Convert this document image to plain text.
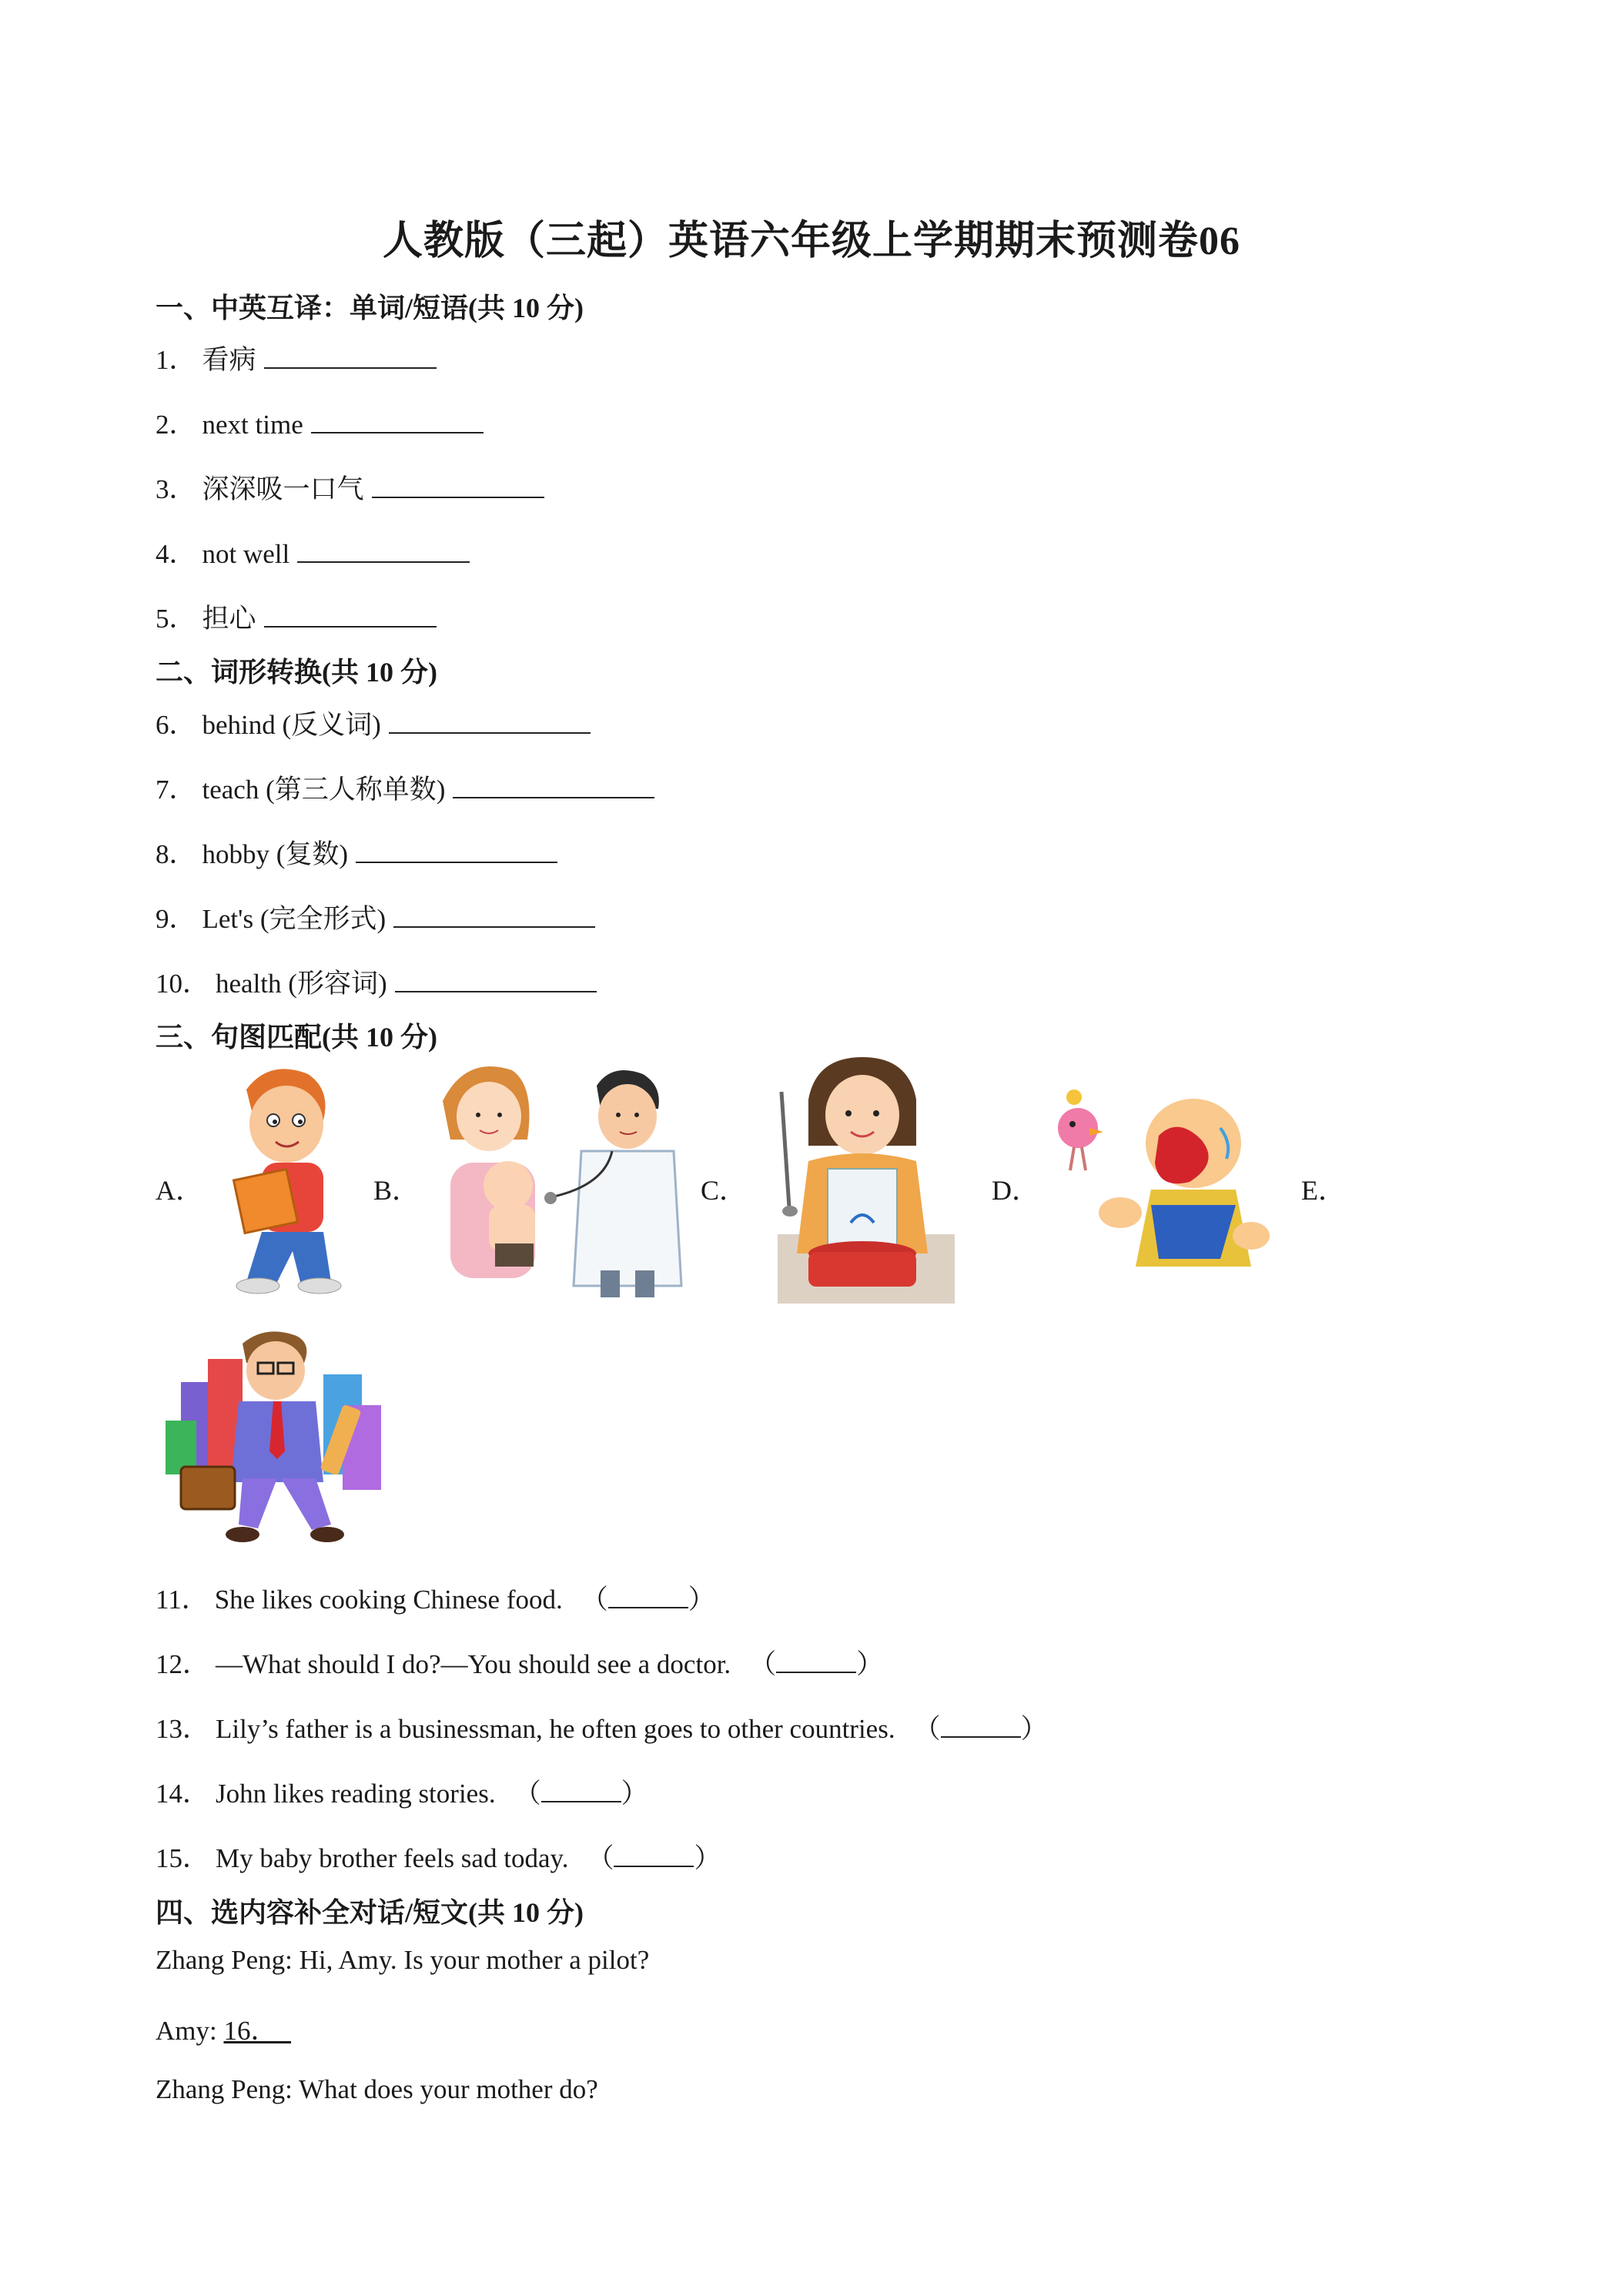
人教版（三起）英语六年级上学期期末预测卷06
一、中英互译：单词/短语(共 10 分)
1． 看病
2． next time
3． 深深吸一口气
4． not well
5． 担心
二、词形转换(共 10 分)
6． behind (反义词)
7． teach (第三人称单数)
8． hobby (复数)
9． Let's (完全形式)
10． health (形容词)
三、句图匹配(共 10 分)
A．	B．	C．	D．	E．
11． She likes cooking Chinese food. （	）
12． —What should I do?—You should see a doctor. （	）
13． Lily’s father is a businessman, he often goes to other countries. （	）
14． John likes reading stories. （	）
15． My baby brother feels sad today. （	）
四、选内容补全对话/短文(共 10 分)
Zhang Peng: Hi, Amy. Is your mother a pilot?
Amy: 16．
Zhang Peng: What does your mother do?
